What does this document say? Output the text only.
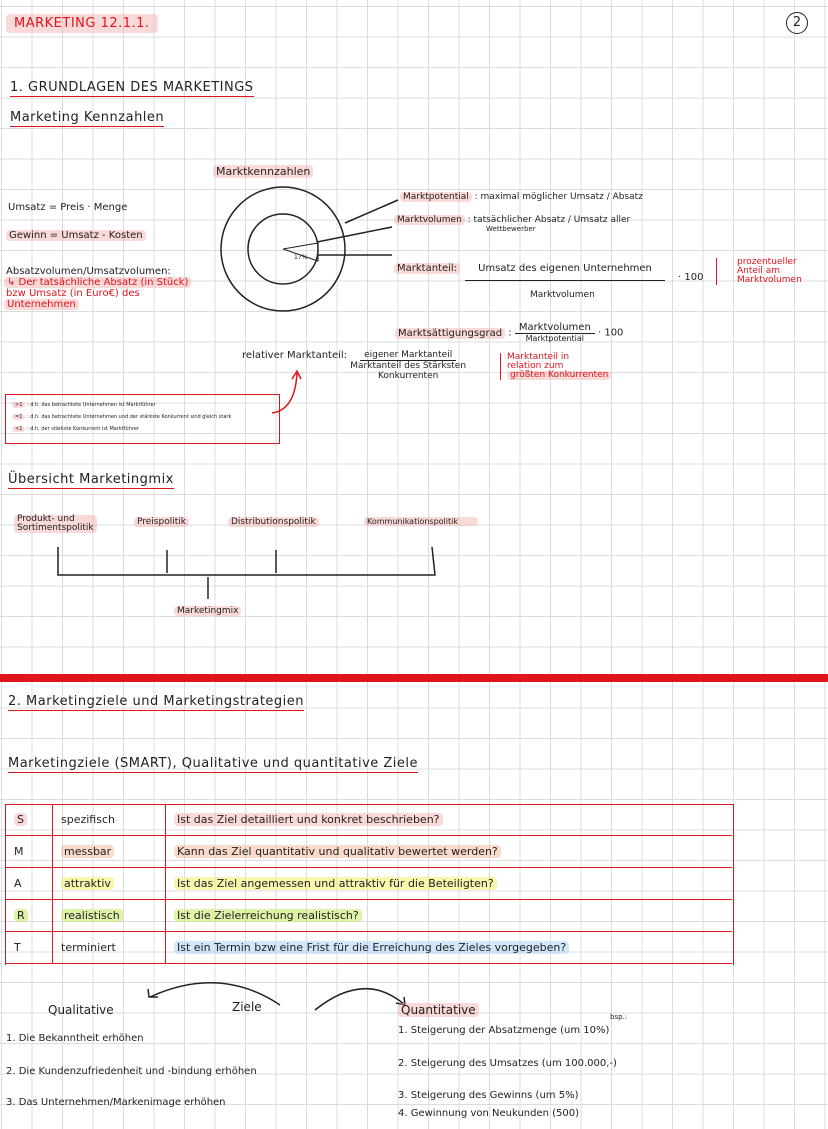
MARKETING 12.1.1.	2
1. GRUNDLAGEN DES MARKETINGS
Marketing Kennzahlen
Marktkennzahlen
17%
Umsatz = Preis · Menge
Gewinn = Umsatz - Kosten
Absatzvolumen/Umsatzvolumen:
↳ Der tatsächliche Absatz (in Stück)
bzw Umsatz (in Euro€) des
Unternehmen
Marktpotential : maximal möglicher Umsatz / Absatz
Marktvolumen : tatsächlicher Absatz / Umsatz aller
Wettbewerber
Marktanteil:	Umsatz des eigenen Unternehmen
Marktvolumen
· 100
prozentueller
Anteil am
Marktvolumen
Marktsättigungsgrad : $\frac{\text{Marktvolumen}}{\text{Marktpotential}} \cdot 100$
relativer Marktanteil:	eigener Marktanteil
Marktanteil des Stärksten
Konkurrenten
Marktanteil in
relation zum
größten Konkurrenten
>1 : d.h. das betrachtete Unternehmen ist Marktführer
=1 : d.h. das betrachtete Unternehmen und der stärkste Konkurrent sind gleich stark
<1 : d.h. der stärkste Konkurrent ist Marktführer
Übersicht Marketingmix
Produkt- und
Sortimentspolitik
Preispolitik	Distributionspolitik	Kommunikationspolitik
Marketingmix
2. Marketingziele und Marketingstrategien
Marketingziele (SMART), Qualitative und quantitative Ziele
S	spezifisch	Ist das Ziel detailliert und konkret beschrieben?
M	messbar	Kann das Ziel quantitativ und qualitativ bewertet werden?
A	attraktiv	Ist das Ziel angemessen und attraktiv für die Beteiligten?
R	realistisch	Ist die Zielerreichung realistisch?
T	terminiert	Ist ein Termin bzw eine Frist für die Erreichung des Zieles vorgegeben?
Ziele
Qualitative
1. Die Bekanntheit erhöhen
2. Die Kundenzufriedenheit und -bindung erhöhen
3. Das Unternehmen/Markenimage erhöhen
Quantitative	bsp.:
1. Steigerung der Absatzmenge (um 10%)
2. Steigerung des Umsatzes (um 100.000,-)
3. Steigerung des Gewinns (um 5%)
4. Gewinnung von Neukunden (500)
